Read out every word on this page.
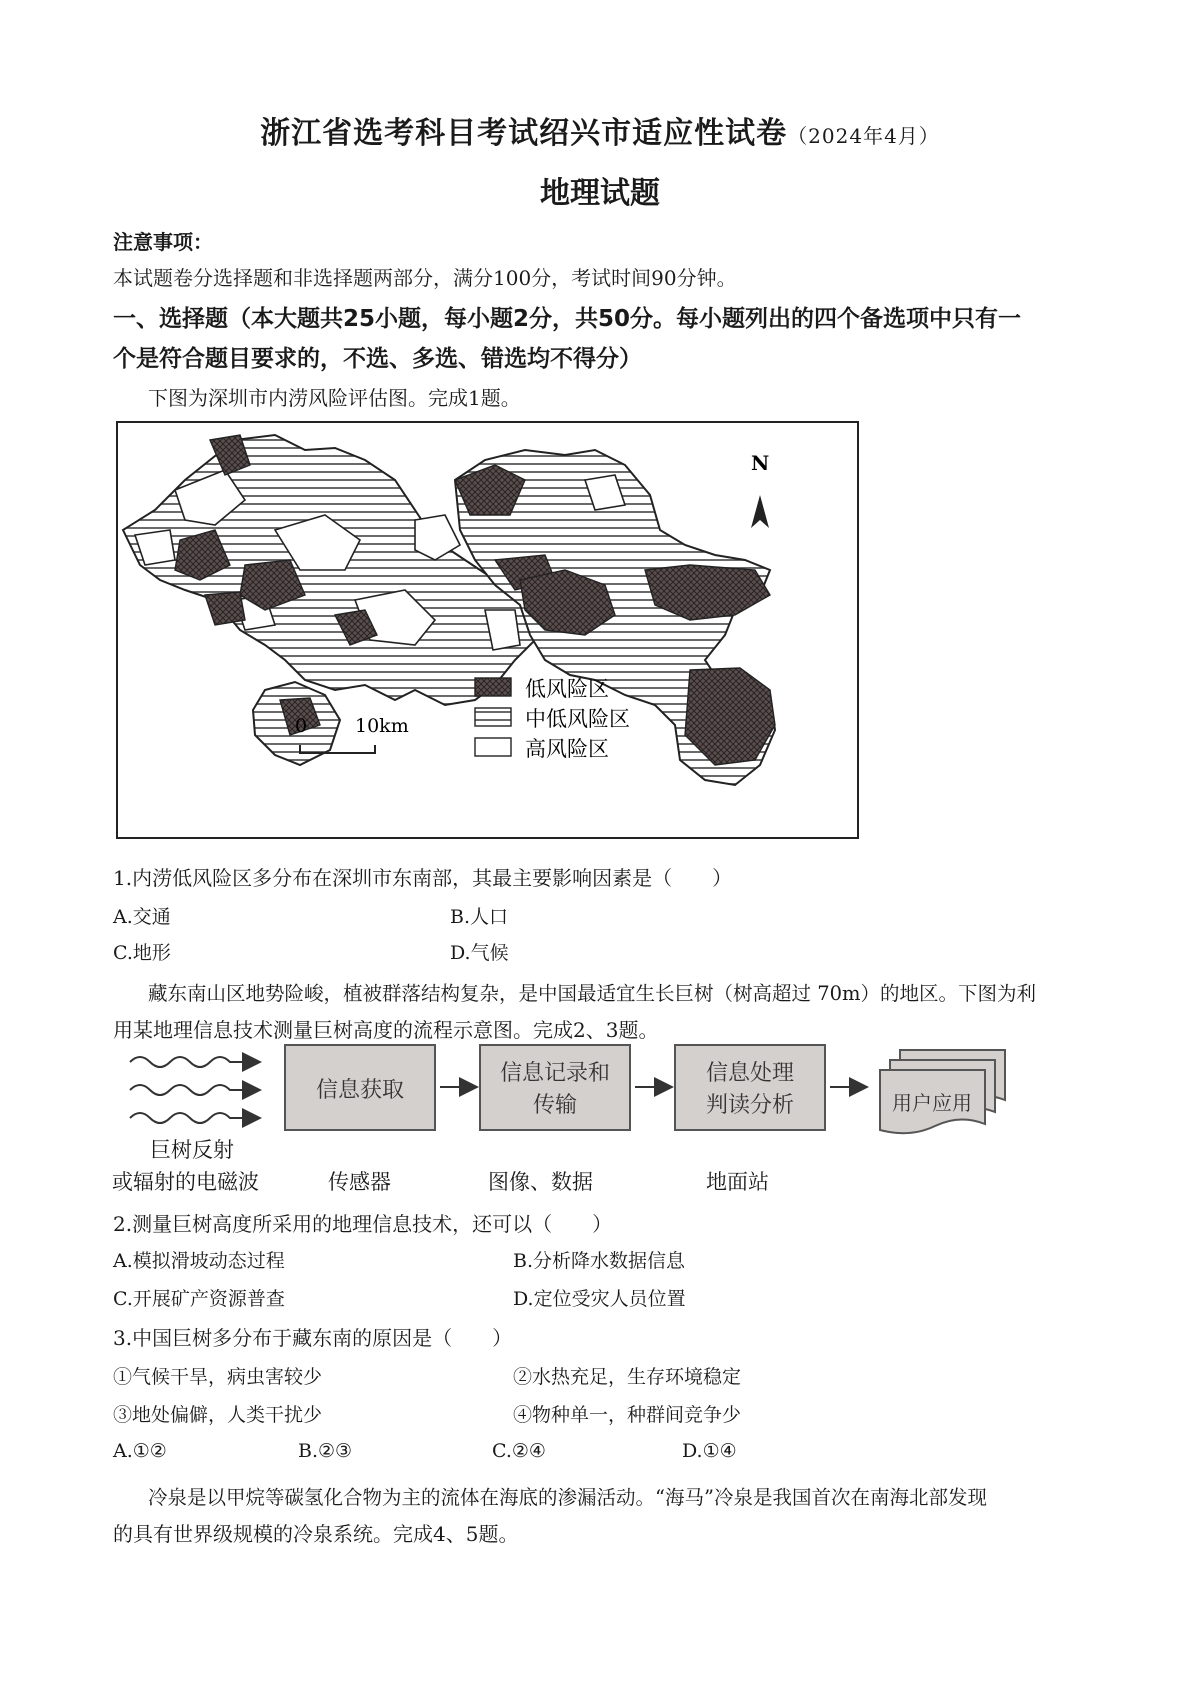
浙江省选考科目考试绍兴市适应性试卷（2024年4月）
地理试题
注意事项：
本试题卷分选择题和非选择题两部分，满分100分，考试时间90分钟。
一、选择题（本大题共25小题，每小题2分，共50分。每小题列出的四个备选项中只有一
个是符合题目要求的，不选、多选、错选均不得分）
下图为深圳市内涝风险评估图。完成1题。
N
0	10km
低风险区
中低风险区
高风险区
1.内涝低风险区多分布在深圳市东南部，其最主要影响因素是（　　）
A.交通	B.人口
C.地形	D.气候
藏东南山区地势险峻，植被群落结构复杂，是中国最适宜生长巨树（树高超过 70m）的地区。下图为利
用某地理信息技术测量巨树高度的流程示意图。完成2、3题。
信息获取
信息记录和
传输
信息处理
判读分析	用户应用
巨树反射
或辐射的电磁波	传感器	图像、数据	地面站
2.测量巨树高度所采用的地理信息技术，还可以（　　）
A.模拟滑坡动态过程	B.分析降水数据信息
C.开展矿产资源普查	D.定位受灾人员位置
3.中国巨树多分布于藏东南的原因是（　　）
①气候干旱，病虫害较少	②水热充足，生存环境稳定
③地处偏僻，人类干扰少	④物种单一，种群间竞争少
A.①②	B.②③	C.②④	D.①④
冷泉是以甲烷等碳氢化合物为主的流体在海底的渗漏活动。“海马”冷泉是我国首次在南海北部发现
的具有世界级规模的冷泉系统。完成4、5题。
